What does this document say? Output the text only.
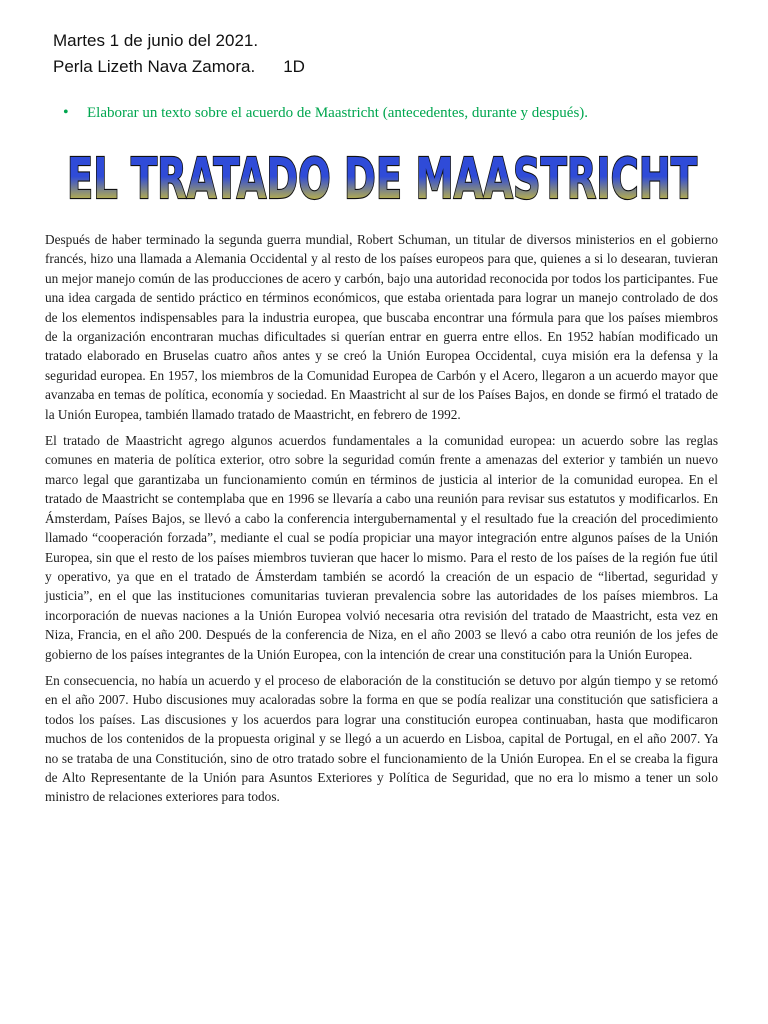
Martes 1 de junio del 2021.
Perla Lizeth Nava Zamora. 1D
•	Elaborar un texto sobre el acuerdo de Maastricht (antecedentes, durante y después).
EL TRATADO DE MAASTRICHT

Después de haber terminado la segunda guerra mundial, Robert Schuman, un titular de diversos ministerios en el gobierno francés, hizo una llamada a Alemania Occidental y al resto de los países europeos para que, quienes a si lo desearan, tuvieran un mejor manejo común de las producciones de acero y carbón, bajo una autoridad reconocida por todos los participantes. Fue una idea cargada de sentido práctico en términos económicos, que estaba orientada para lograr un manejo controlado de dos de los elementos indispensables para la industria europea, que buscaba encontrar una fórmula para que los países miembros de la organización encontraran muchas dificultades si querían entrar en guerra entre ellos. En 1952 habían modificado un tratado elaborado en Bruselas cuatro años antes y se creó la Unión Europea Occidental, cuya misión era la defensa y la seguridad europea. En 1957, los miembros de la Comunidad Europea de Carbón y el Acero, llegaron a un acuerdo mayor que avanzaba en temas de política, economía y sociedad. En Maastricht al sur de los Países Bajos, en donde se firmó el tratado de la Unión Europea, también llamado tratado de Maastricht, en febrero de 1992.

El tratado de Maastricht agrego algunos acuerdos fundamentales a la comunidad europea: un acuerdo sobre las reglas comunes en materia de política exterior, otro sobre la seguridad común frente a amenazas del exterior y también un nuevo marco legal que garantizaba un funcionamiento común en términos de justicia al interior de la comunidad europea. En el tratado de Maastricht se contemplaba que en 1996 se llevaría a cabo una reunión para revisar sus estatutos y modificarlos. En Ámsterdam, Países Bajos, se llevó a cabo la conferencia intergubernamental y el resultado fue la creación del procedimiento llamado “cooperación forzada”, mediante el cual se podía propiciar una mayor integración entre algunos países de la Unión Europea, sin que el resto de los países miembros tuvieran que hacer lo mismo. Para el resto de los países de la región fue útil y operativo, ya que en el tratado de Ámsterdam también se acordó la creación de un espacio de “libertad, seguridad y justicia”, en el que las instituciones comunitarias tuvieran prevalencia sobre las autoridades de los países miembros. La incorporación de nuevas naciones a la Unión Europea volvió necesaria otra revisión del tratado de Maastricht, esta vez en Niza, Francia, en el año 200. Después de la conferencia de Niza, en el año 2003 se llevó a cabo otra reunión de los jefes de gobierno de los países integrantes de la Unión Europea, con la intención de crear una constitución para la Unión Europea.

En consecuencia, no había un acuerdo y el proceso de elaboración de la constitución se detuvo por algún tiempo y se retomó en el año 2007. Hubo discusiones muy acaloradas sobre la forma en que se podía realizar una constitución que satisficiera a todos los países. Las discusiones y los acuerdos para lograr una constitución europea continuaban, hasta que modificaron muchos de los contenidos de la propuesta original y se llegó a un acuerdo en Lisboa, capital de Portugal, en el año 2007. Ya no se trataba de una Constitución, sino de otro tratado sobre el funcionamiento de la Unión Europea. En el se creaba la figura de Alto Representante de la Unión para Asuntos Exteriores y Política de Seguridad, que no era lo mismo a tener un solo ministro de relaciones exteriores para todos.
